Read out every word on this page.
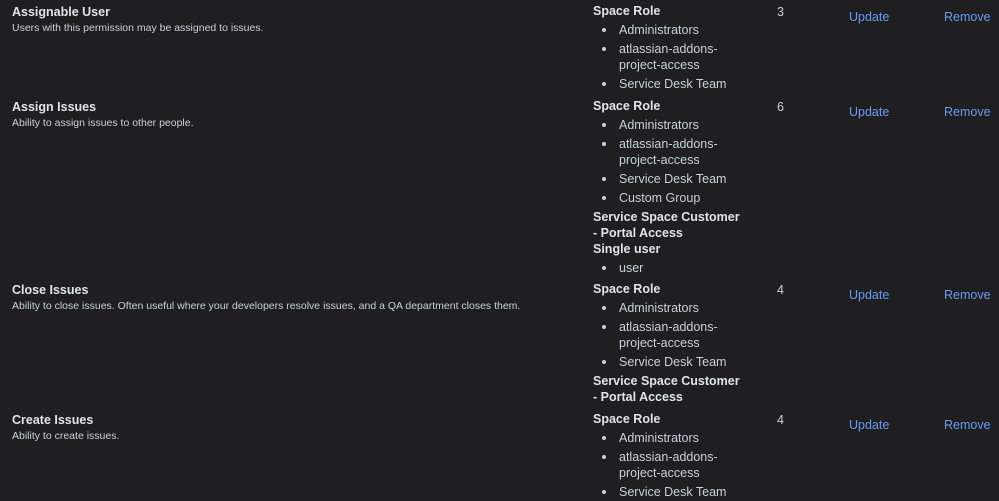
Assignable User
Users with this permission may be assigned to issues.
Space Role
Administrators
atlassian-addons-project-access
Service Desk Team
3	Update	Remove
Assign Issues
Ability to assign issues to other people.
Space Role
Administrators
atlassian-addons-project-access
Service Desk Team
Custom Group
Service Space Customer - Portal Access
Single user
user
6	Update	Remove
Close Issues
Ability to close issues. Often useful where your developers resolve issues, and a QA department closes them.
Space Role
Administrators
atlassian-addons-project-access
Service Desk Team
Service Space Customer - Portal Access
4	Update	Remove
Create Issues
Ability to create issues.
Space Role
Administrators
atlassian-addons-project-access
Service Desk Team
4	Update	Remove
